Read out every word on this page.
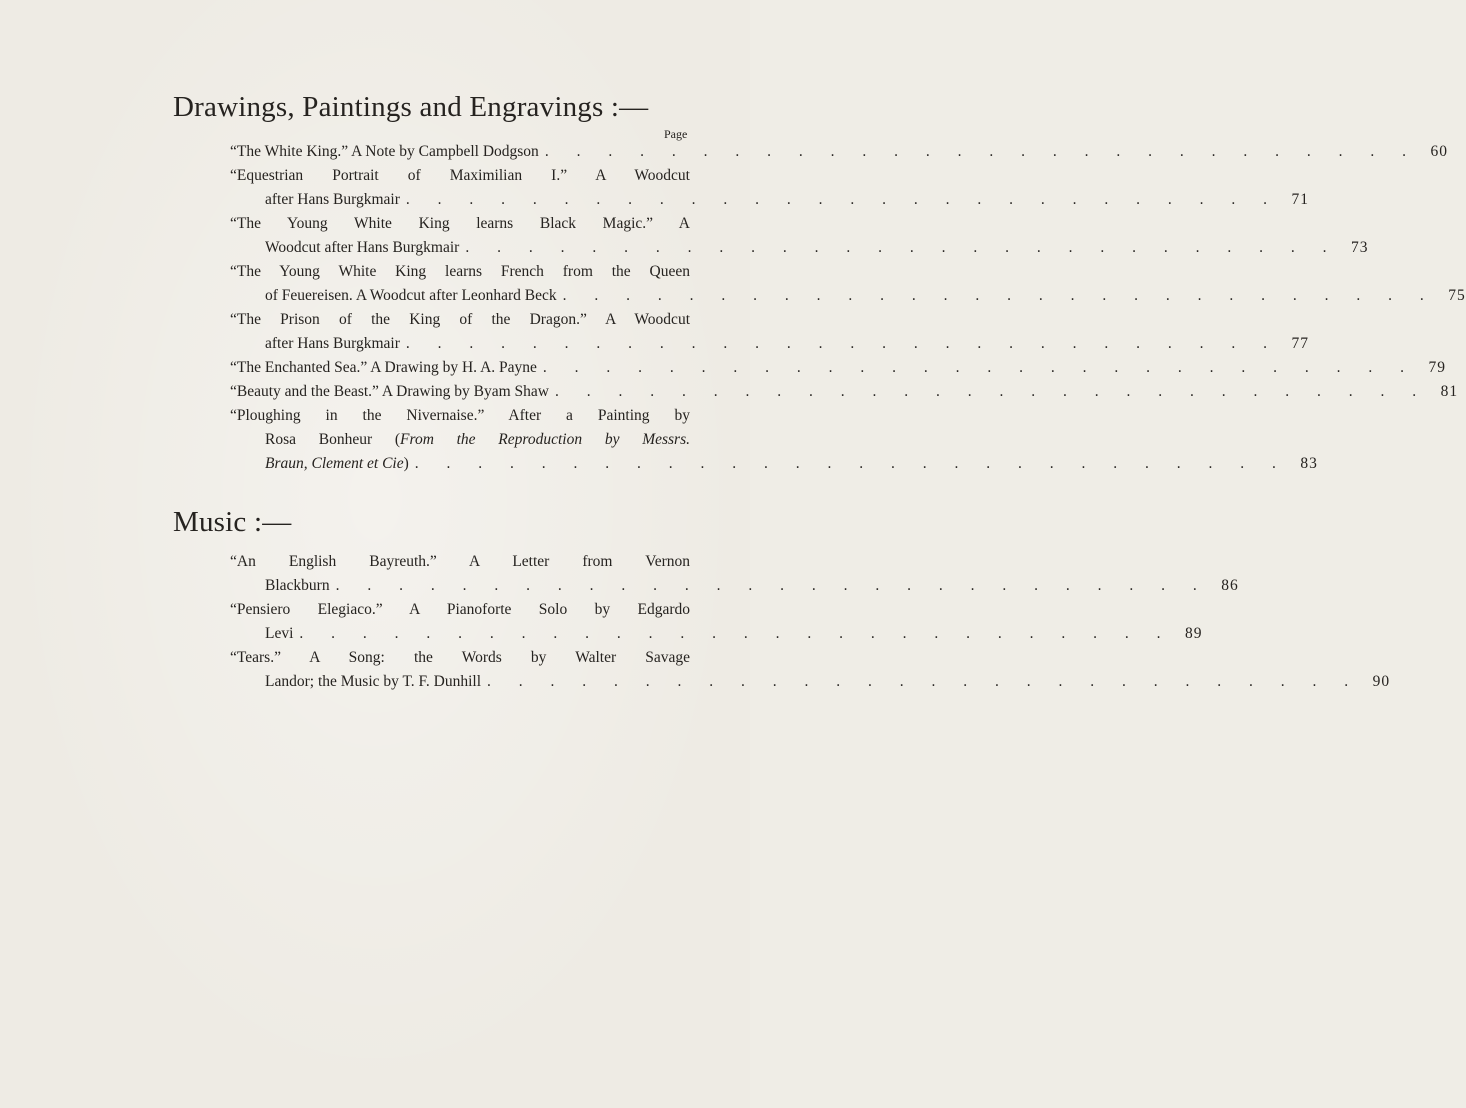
Drawings, Paintings and Engravings :—
Page
“The White King.” A Note by Campbell Dodgson . . . . . . . . . . . . . . . . . . . . . . . . . . . . 60
“Equestrian Portrait of Maximilian I.” A Woodcut
after Hans Burgkmair . . . . . . . . . . . . . . . . . . . . . . . . . . . . 71
“The Young White King learns Black Magic.” A
Woodcut after Hans Burgkmair . . . . . . . . . . . . . . . . . . . . . . . . . . . . 73
“The Young White King learns French from the Queen
of Feuereisen. A Woodcut after Leonhard Beck . . . . . . . . . . . . . . . . . . . . . . . . . . . . 75
“The Prison of the King of the Dragon.” A Woodcut
after Hans Burgkmair . . . . . . . . . . . . . . . . . . . . . . . . . . . . 77
“The Enchanted Sea.” A Drawing by H. A. Payne . . . . . . . . . . . . . . . . . . . . . . . . . . . . 79
“Beauty and the Beast.” A Drawing by Byam Shaw . . . . . . . . . . . . . . . . . . . . . . . . . . . . 81
“Ploughing in the Nivernaise.” After a Painting by
Rosa Bonheur (From the Reproduction by Messrs.
Braun, Clement et Cie) . . . . . . . . . . . . . . . . . . . . . . . . . . . . 83
Music :—
“An English Bayreuth.” A Letter from Vernon
Blackburn . . . . . . . . . . . . . . . . . . . . . . . . . . . . 86
“Pensiero Elegiaco.” A Pianoforte Solo by Edgardo
Levi . . . . . . . . . . . . . . . . . . . . . . . . . . . . 89
“Tears.” A Song: the Words by Walter Savage
Landor; the Music by T. F. Dunhill . . . . . . . . . . . . . . . . . . . . . . . . . . . . 90
